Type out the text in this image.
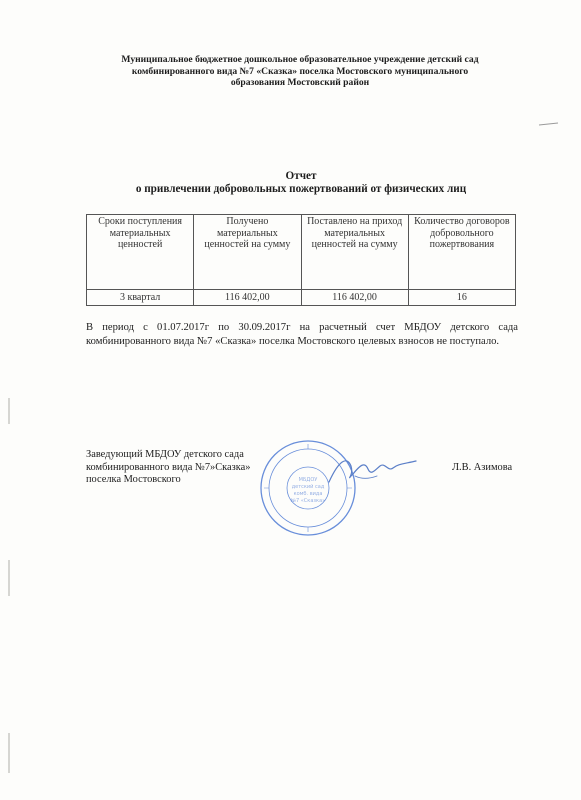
Муниципальное бюджетное дошкольное образовательное учреждение детский сад
комбинированного вида №7 «Сказка» поселка Мостовского муниципального
образования Мостовский район
Отчет
о привлечении добровольных пожертвований от физических лиц
Сроки поступления материальных ценностей	Получено материальных ценностей на сумму	Поставлено на приход материальных ценностей на сумму	Количество договоров добровольного пожертвования
3 квартал	116 402,00	116 402,00	16
В период с 01.07.2017г по 30.09.2017г на расчетный счет МБДОУ детского сада комбинированного вида №7 «Сказка» поселка Мостовского целевых взносов не поступало.
Заведующий МБДОУ детского сада
комбинированного вида №7»Сказка»
поселка Мостовского	МБДОУ
детский сад
комб. вида
№7 «Сказка»
Л.В. Азимова
